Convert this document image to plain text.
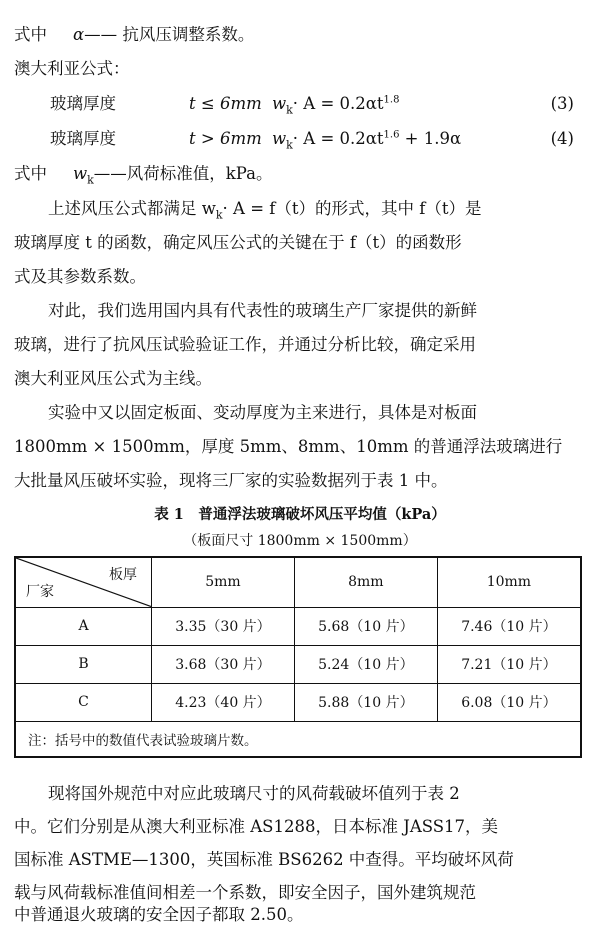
式中 α—— 抗风压调整系数。
澳大利亚公式：
玻璃厚度	t ≤ 6mm $w_k\cdot A = 0.2\alpha t^{1.8}$	(3)
玻璃厚度	t > 6mm $w_k\cdot A = 0.2\alpha t^{1.6} + 1.9\alpha$	(4)
式中 $w_k——$风荷标准值，kPa。
上述风压公式都满足 $w_k\cdot A = f(t)$的形式，其中 f（t）是
玻璃厚度 t 的函数，确定风压公式的关键在于 f（t）的函数形
式及其参数系数。
对此，我们选用国内具有代表性的玻璃生产厂家提供的新鲜
玻璃，进行了抗风压试验验证工作，并通过分析比较，确定采用
澳大利亚风压公式为主线。
实验中又以固定板面、变动厚度为主来进行，具体是对板面
1800mm × 1500mm，厚度 5mm、8mm、10mm 的普通浮法玻璃进行
大批量风压破坏实验，现将三厂家的实验数据列于表 1 中。
表 1　普通浮法玻璃破坏风压平均值（kPa）
（板面尺寸 1800mm × 1500mm）
板厚
厂家	5mm	8mm	10mm
A	3.35（30 片）	5.68（10 片）	7.46（10 片）
B	3.68（30 片）	5.24（10 片）	7.21（10 片）
C	4.23（40 片）	5.88（10 片）	6.08（10 片）
注：括号中的数值代表试验玻璃片数。			
现将国外规范中对应此玻璃尺寸的风荷载破坏值列于表 2
中。它们分别是从澳大利亚标准 AS1288，日本标准 JASS17，美
国标准 ASTME—1300，英国标准 BS6262 中查得。平均破坏风荷
载与风荷载标准值间相差一个系数，即安全因子，国外建筑规范
中普通退火玻璃的安全因子都取 2.50。
